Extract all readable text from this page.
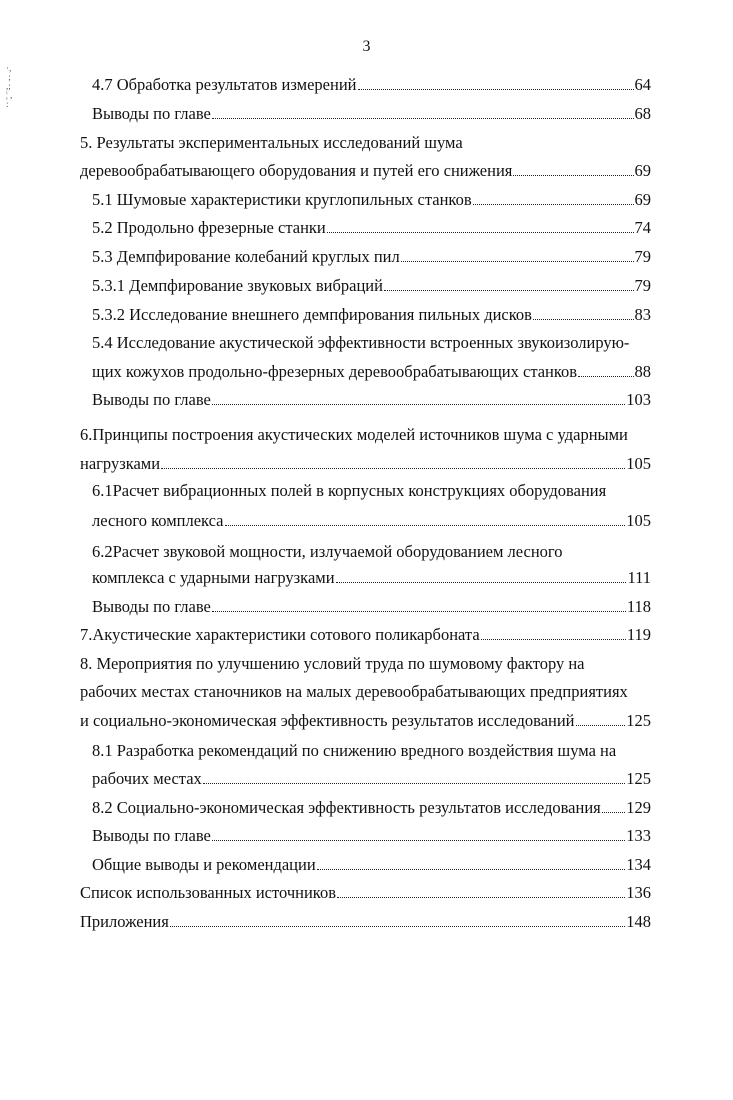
3
·,
;
,;
¦ ,
:
4.7 Обработка результатов измерений	64
Выводы по главе	68
5. Результаты экспериментальных исследований шума
деревообрабатывающего оборудования и путей его снижения	69
5.1 Шумовые характеристики круглопильных станков	69
5.2 Продольно фрезерные станки	74
5.3 Демпфирование колебаний круглых пил	79
5.3.1 Демпфирование звуковых вибраций	79
5.3.2 Исследование внешнего демпфирования пильных дисков	83
5.4 Исследование акустической эффективности встроенных звукоизолирую-
щих кожухов продольно-фрезерных деревообрабатывающих станков	88
Выводы по главе	103
6.Принципы построения акустических моделей источников шума с ударными
нагрузками	105
6.1Расчет вибрационных полей в корпусных конструкциях оборудования
лесного комплекса	105
6.2Расчет звуковой мощности, излучаемой оборудованием лесного
комплекса с ударными нагрузками	111
Выводы по главе	118
7.Акустические характеристики сотового поликарбоната	119
8. Мероприятия по улучшению условий труда по шумовому фактору на
рабочих местах станочников на малых деревообрабатывающих предприятиях
и социально-экономическая эффективность результатов исследований	125
8.1 Разработка рекомендаций по снижению вредного воздействия шума на
рабочих местах	125
8.2 Социально-экономическая эффективность результатов исследования 129
Выводы по главе	133
Общие выводы и рекомендации	134
Список использованных источников	136
Приложения	148
